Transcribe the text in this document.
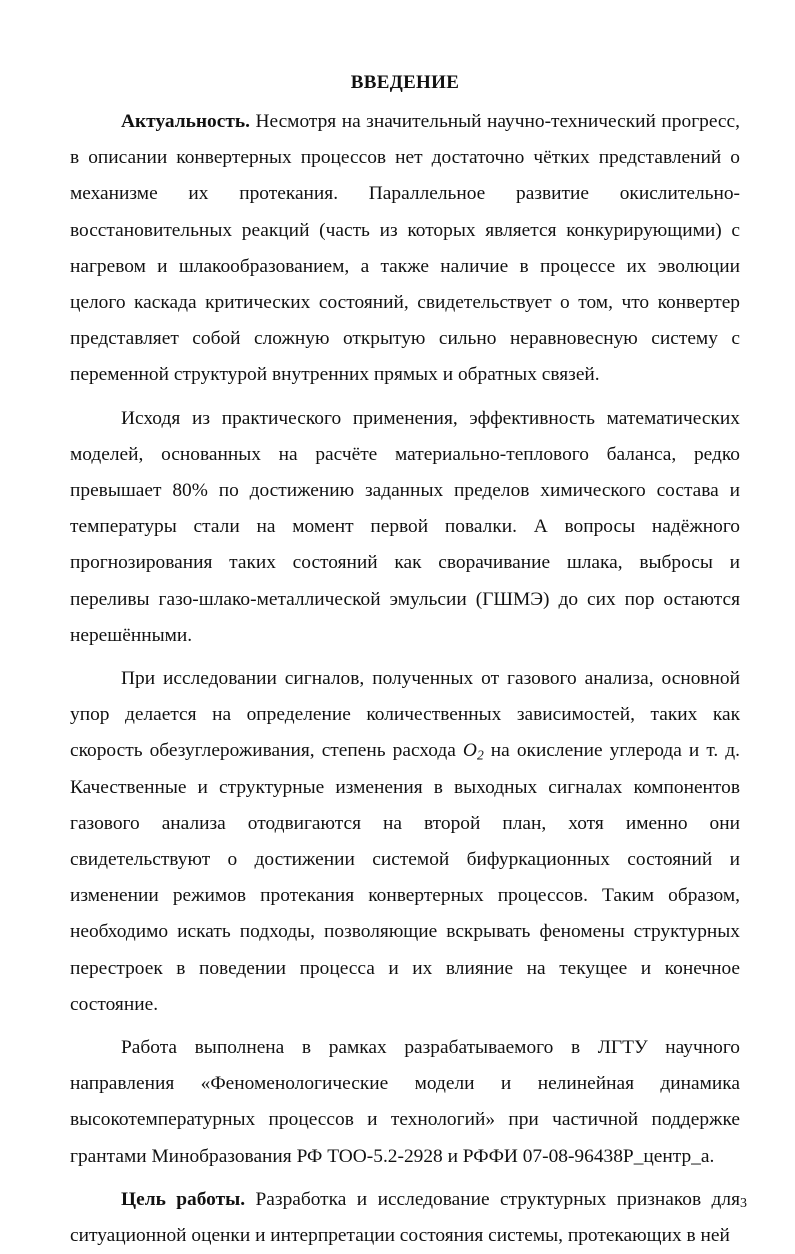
ВВЕДЕНИЕ

Актуальность. Несмотря на значительный научно-технический прогресс, в описании конвертерных процессов нет достаточно чётких представлений о механизме их протекания. Параллельное развитие окислительно-восстановительных реакций (часть из которых является конкурирующими) с нагревом и шлакообразованием, а также наличие в процессе их эволюции целого каскада критических состояний, свидетельствует о том, что конвертер представляет собой сложную открытую сильно неравновесную систему с переменной структурой внутренних прямых и обратных связей.

Исходя из практического применения, эффективность математических моделей, основанных на расчёте материально-теплового баланса, редко превышает 80% по достижению заданных пределов химического состава и температуры стали на момент первой повалки. А вопросы надёжного прогнозирования таких состояний как сворачивание шлака, выбросы и переливы газо-шлако-металлической эмульсии (ГШМЭ) до сих пор остаются нерешёнными.

При исследовании сигналов, полученных от газового анализа, основной упор делается на определение количественных зависимостей, таких как скорость обезуглероживания, степень расхода $O_2$ на окисление углерода и т. д. Качественные и структурные изменения в выходных сигналах компонентов газового анализа отодвигаются на второй план, хотя именно они свидетельствуют о достижении системой бифуркационных состояний и изменении режимов протекания конвертерных процессов. Таким образом, необходимо искать подходы, позволяющие вскрывать феномены структурных перестроек в поведении процесса и их влияние на текущее и конечное состояние.

Работа выполнена в рамках разрабатываемого в ЛГТУ научного направления «Феноменологические модели и нелинейная динамика высокотемпературных процессов и технологий» при частичной поддержке грантами Минобразования РФ ТОО-5.2-2928 и РФФИ 07-08-96438Р_центр_а.

Цель работы. Разработка и исследование структурных признаков для ситуационной оценки и интерпретации состояния системы, протекающих в ней

3
